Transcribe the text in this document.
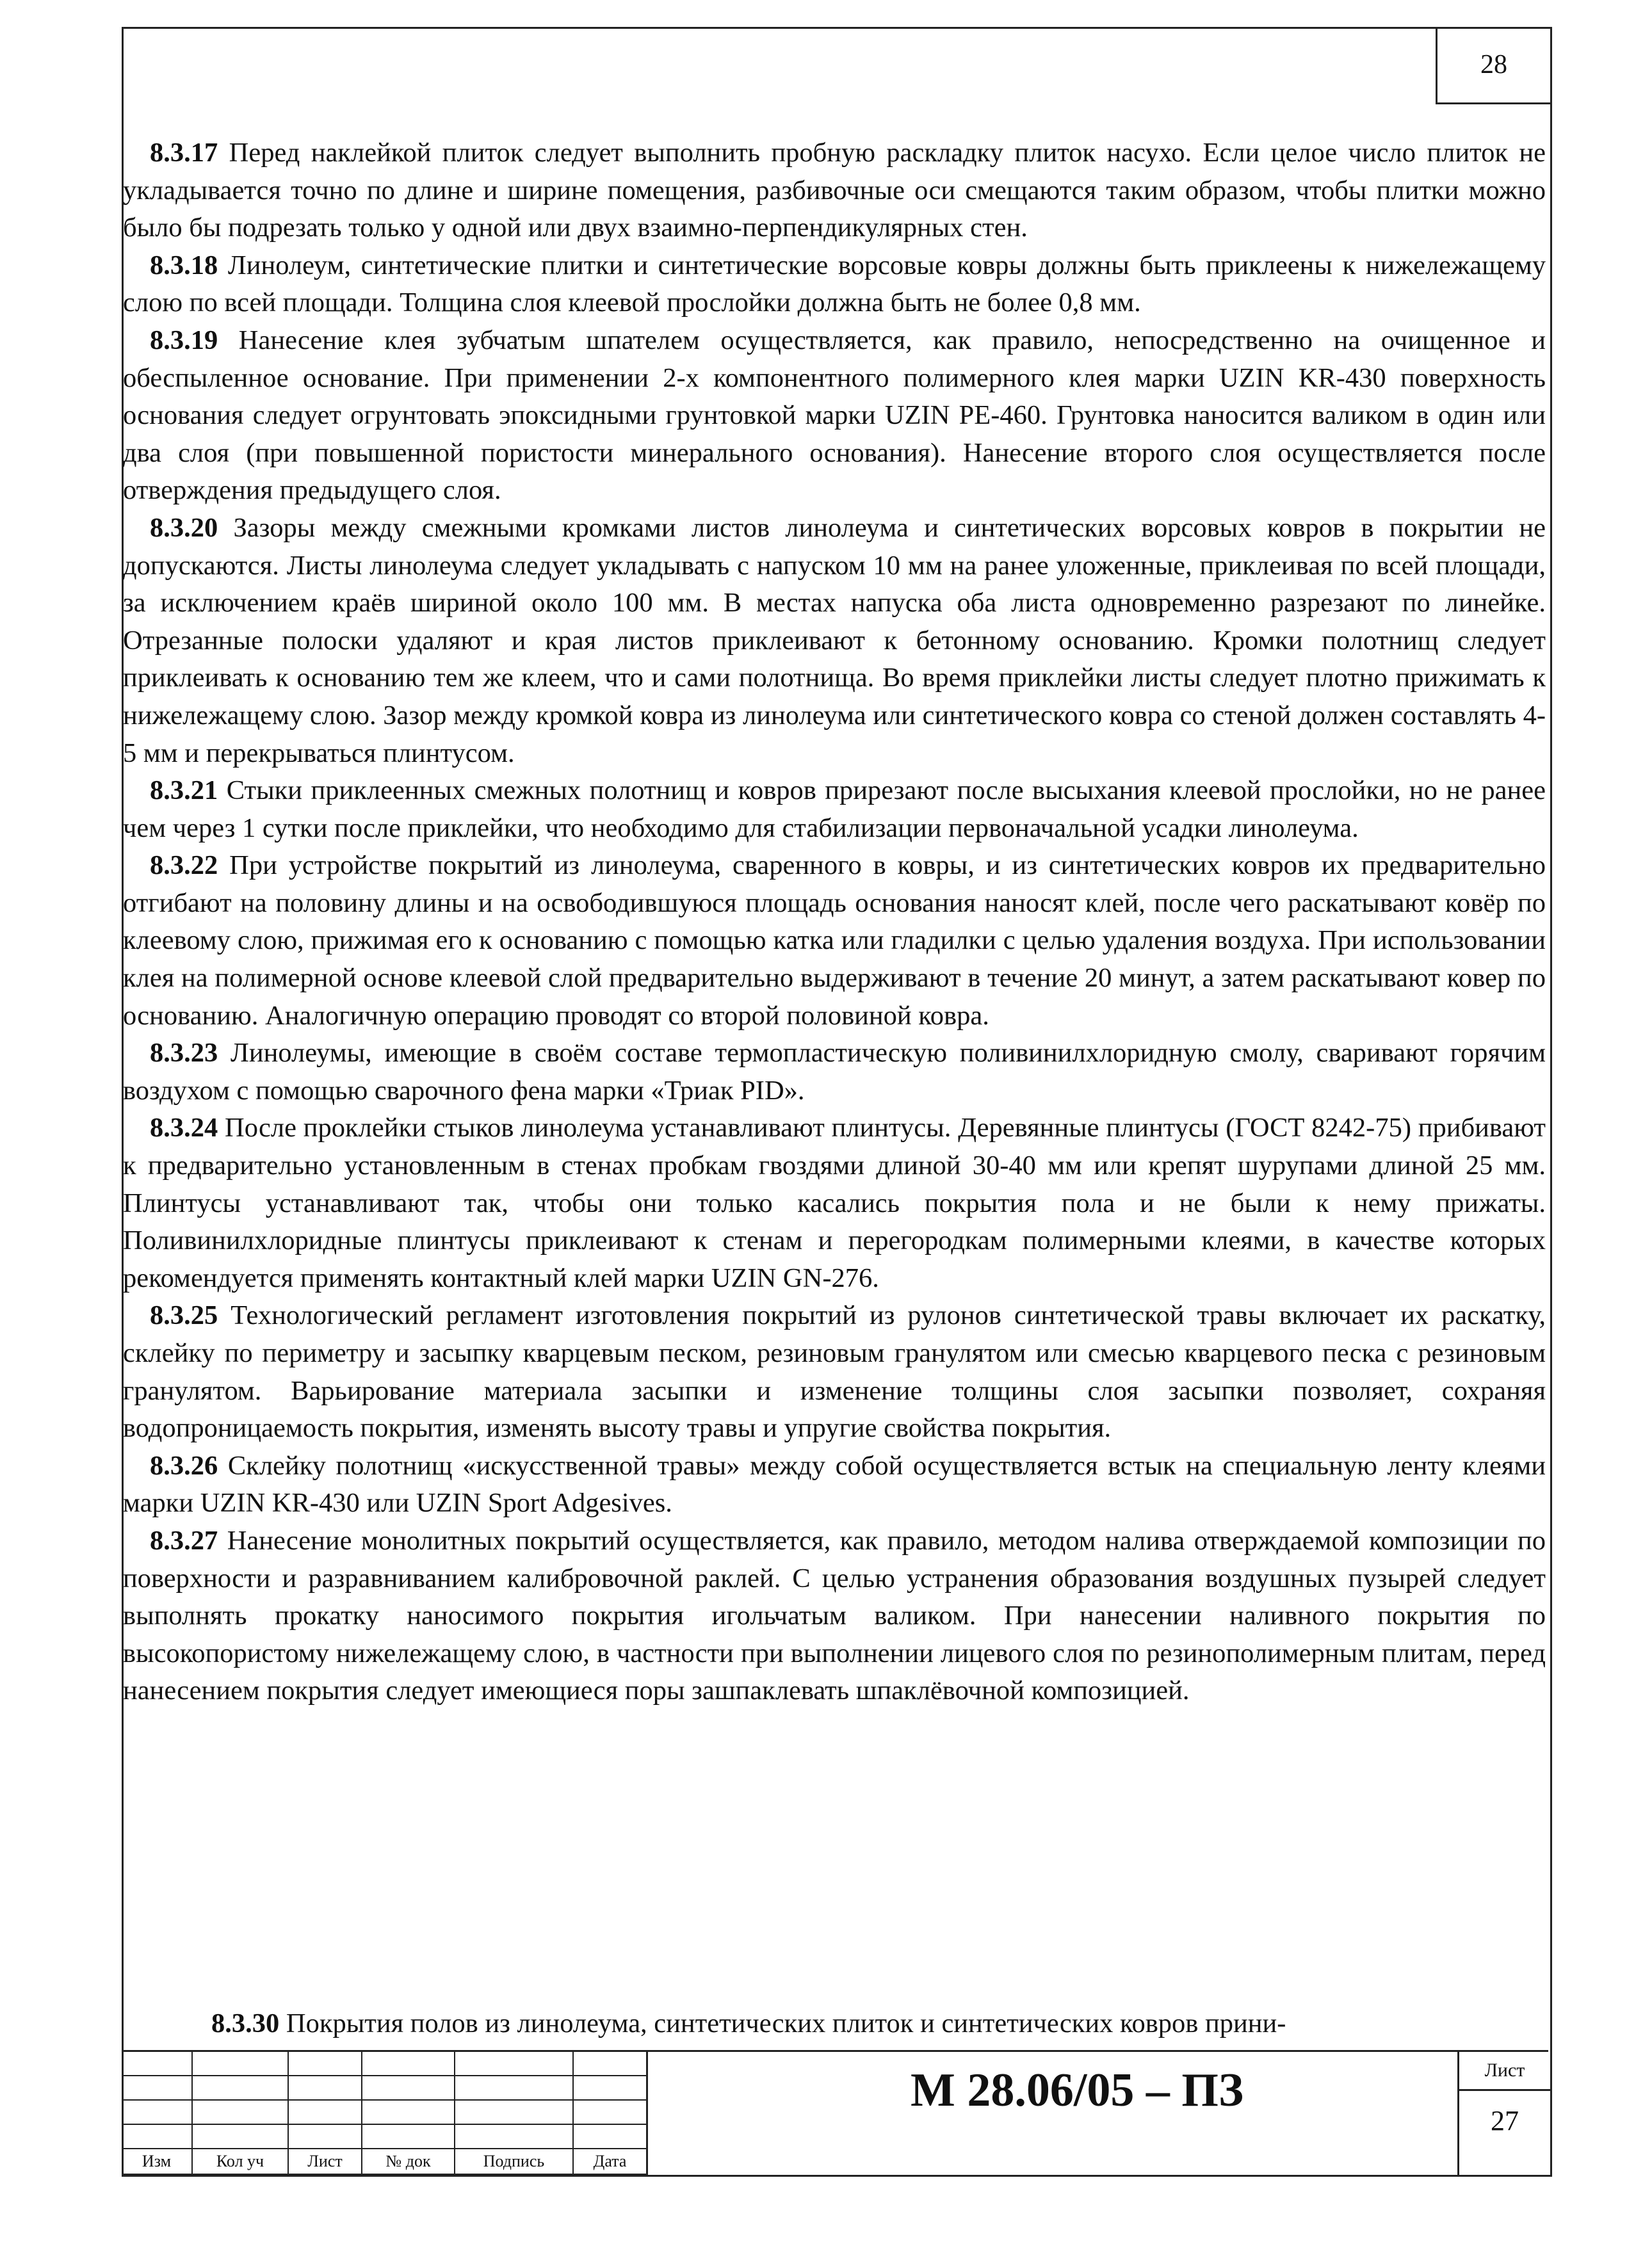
28

8.3.17 Перед наклейкой плиток следует выполнить пробную раскладку плиток насухо. Если целое число плиток не укладывается точно по длине и ширине помещения, разбивочные оси смещаются таким образом, чтобы плитки можно было бы подрезать только у одной или двух взаимно-перпендикулярных стен.

8.3.18 Линолеум, синтетические плитки и синтетические ворсовые ковры должны быть приклеены к нижележащему слою по всей площади. Толщина слоя клеевой прослойки должна быть не более 0,8 мм.

8.3.19 Нанесение клея зубчатым шпателем осуществляется, как правило, непосредственно на очищенное и обеспыленное основание. При применении 2-х компонентного полимерного клея марки UZIN KR-430 поверхность основания следует огрунтовать эпоксидными грунтовкой марки UZIN PE-460. Грунтовка наносится валиком в один или два слоя (при повышенной пористости минерального основания). Нанесение второго слоя осуществляется после отверждения предыдущего слоя.

8.3.20 Зазоры между смежными кромками листов линолеума и синтетических ворсовых ковров в покрытии не допускаются. Листы линолеума следует укладывать с напуском 10 мм на ранее уложенные, приклеивая по всей площади, за исключением краёв шириной около 100 мм. В местах напуска оба листа одновременно разрезают по линейке. Отрезанные полоски удаляют и края листов приклеивают к бетонному основанию. Кромки полотнищ следует приклеивать к основанию тем же клеем, что и сами полотнища. Во время приклейки листы следует плотно прижимать к нижележащему слою. Зазор между кромкой ковра из линолеума или синтетического ковра со стеной должен составлять 4-5 мм и перекрываться плинтусом.

8.3.21 Стыки приклеенных смежных полотнищ и ковров прирезают после высыхания клеевой прослойки, но не ранее чем через 1 сутки после приклейки, что необходимо для стабилизации первоначальной усадки линолеума.

8.3.22 При устройстве покрытий из линолеума, сваренного в ковры, и из синтетических ковров их предварительно отгибают на половину длины и на освободившуюся площадь основания наносят клей, после чего раскатывают ковёр по клеевому слою, прижимая его к основанию с помощью катка или гладилки с целью удаления воздуха. При использовании клея на полимерной основе клеевой слой предварительно выдерживают в течение 20 минут, а затем раскатывают ковер по основанию. Аналогичную операцию проводят со второй половиной ковра.

8.3.23 Линолеумы, имеющие в своём составе термопластическую поливинилхлоридную смолу, сваривают горячим воздухом с помощью сварочного фена марки «Триак PID».

8.3.24 После проклейки стыков линолеума устанавливают плинтусы. Деревянные плинтусы (ГОСТ 8242-75) прибивают к предварительно установленным в стенах пробкам гвоздями длиной 30-40 мм или крепят шурупами длиной 25 мм. Плинтусы устанавливают так, чтобы они только касались покрытия пола и не были к нему прижаты. Поливинилхлоридные плинтусы приклеивают к стенам и перегородкам полимерными клеями, в качестве которых рекомендуется применять контактный клей марки UZIN GN-276.

8.3.25 Технологический регламент изготовления покрытий из рулонов синтетической травы включает их раскатку, склейку по периметру и засыпку кварцевым песком, резиновым гранулятом или смесью кварцевого песка с резиновым гранулятом. Варьирование материала засыпки и изменение толщины слоя засыпки позволяет, сохраняя водопроницаемость покрытия, изменять высоту травы и упругие свойства покрытия.

8.3.26 Склейку полотнищ «искусственной травы» между собой осуществляется встык на специальную ленту клеями марки UZIN KR-430 или UZIN Sport Adgesives.

8.3.27 Нанесение монолитных покрытий осуществляется, как правило, методом налива отверждаемой композиции по поверхности и разравниванием калибровочной раклей. С целью устранения образования воздушных пузырей следует выполнять прокатку наносимого покрытия игольчатым валиком. При нанесении наливного покрытия по высокопористому нижележащему слою, в частности при выполнении лицевого слоя по резинополимерным плитам, перед нанесением покрытия следует имеющиеся поры зашпаклевать шпаклёвочной композицией.

8.3.30 Покрытия полов из линолеума, синтетических плиток и синтетических ковров прини-

Изм	Кол уч	Лист	№ док	Подпись	Дата
М 28.06/05 – ПЗ	Лист
27
